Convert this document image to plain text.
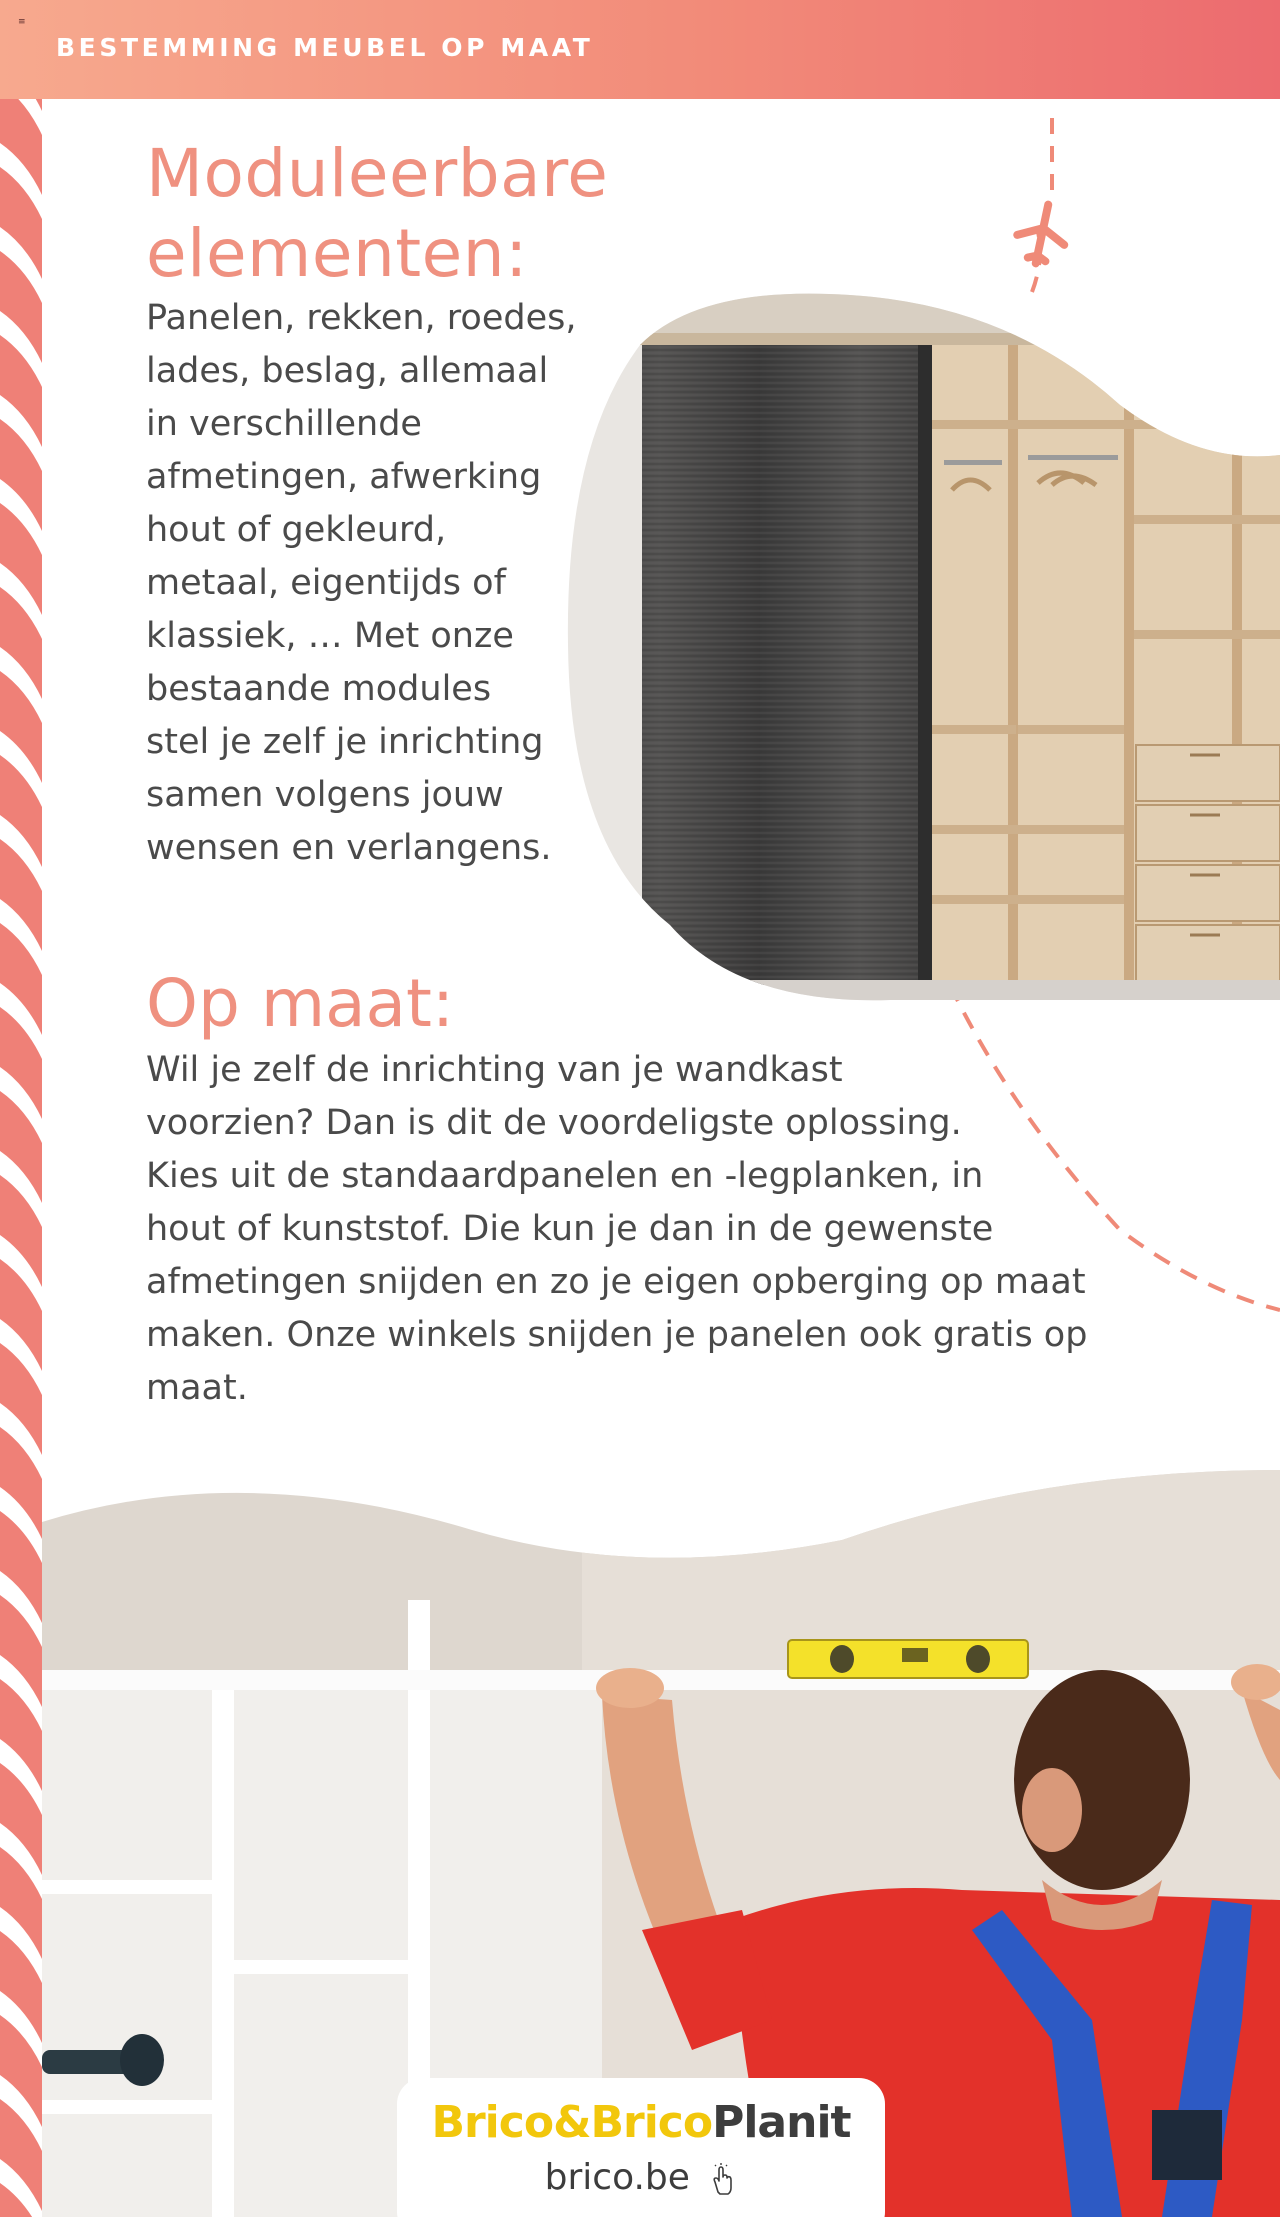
≡
BESTEMMING MEUBEL OP MAAT
Moduleerbare
elementen:

Panelen, rekken, roedes,
lades, beslag, allemaal
in verschillende
afmetingen, afwerking
hout of gekleurd,
metaal, eigentijds of
klassiek, … Met onze
bestaande modules
stel je zelf je inrichting
samen volgens jouw
wensen en verlangens.

Op maat:

Wil je zelf de inrichting van je wandkast
voorzien? Dan is dit de voordeligste oplossing.
Kies uit de standaardpanelen en -legplanken, in
hout of kunststof. Die kun je dan in de gewenste
afmetingen snijden en zo je eigen opberging op maat
maken. Onze winkels snijden je panelen ook gratis op
maat.

Brico&BricoPlanit
brico.be
